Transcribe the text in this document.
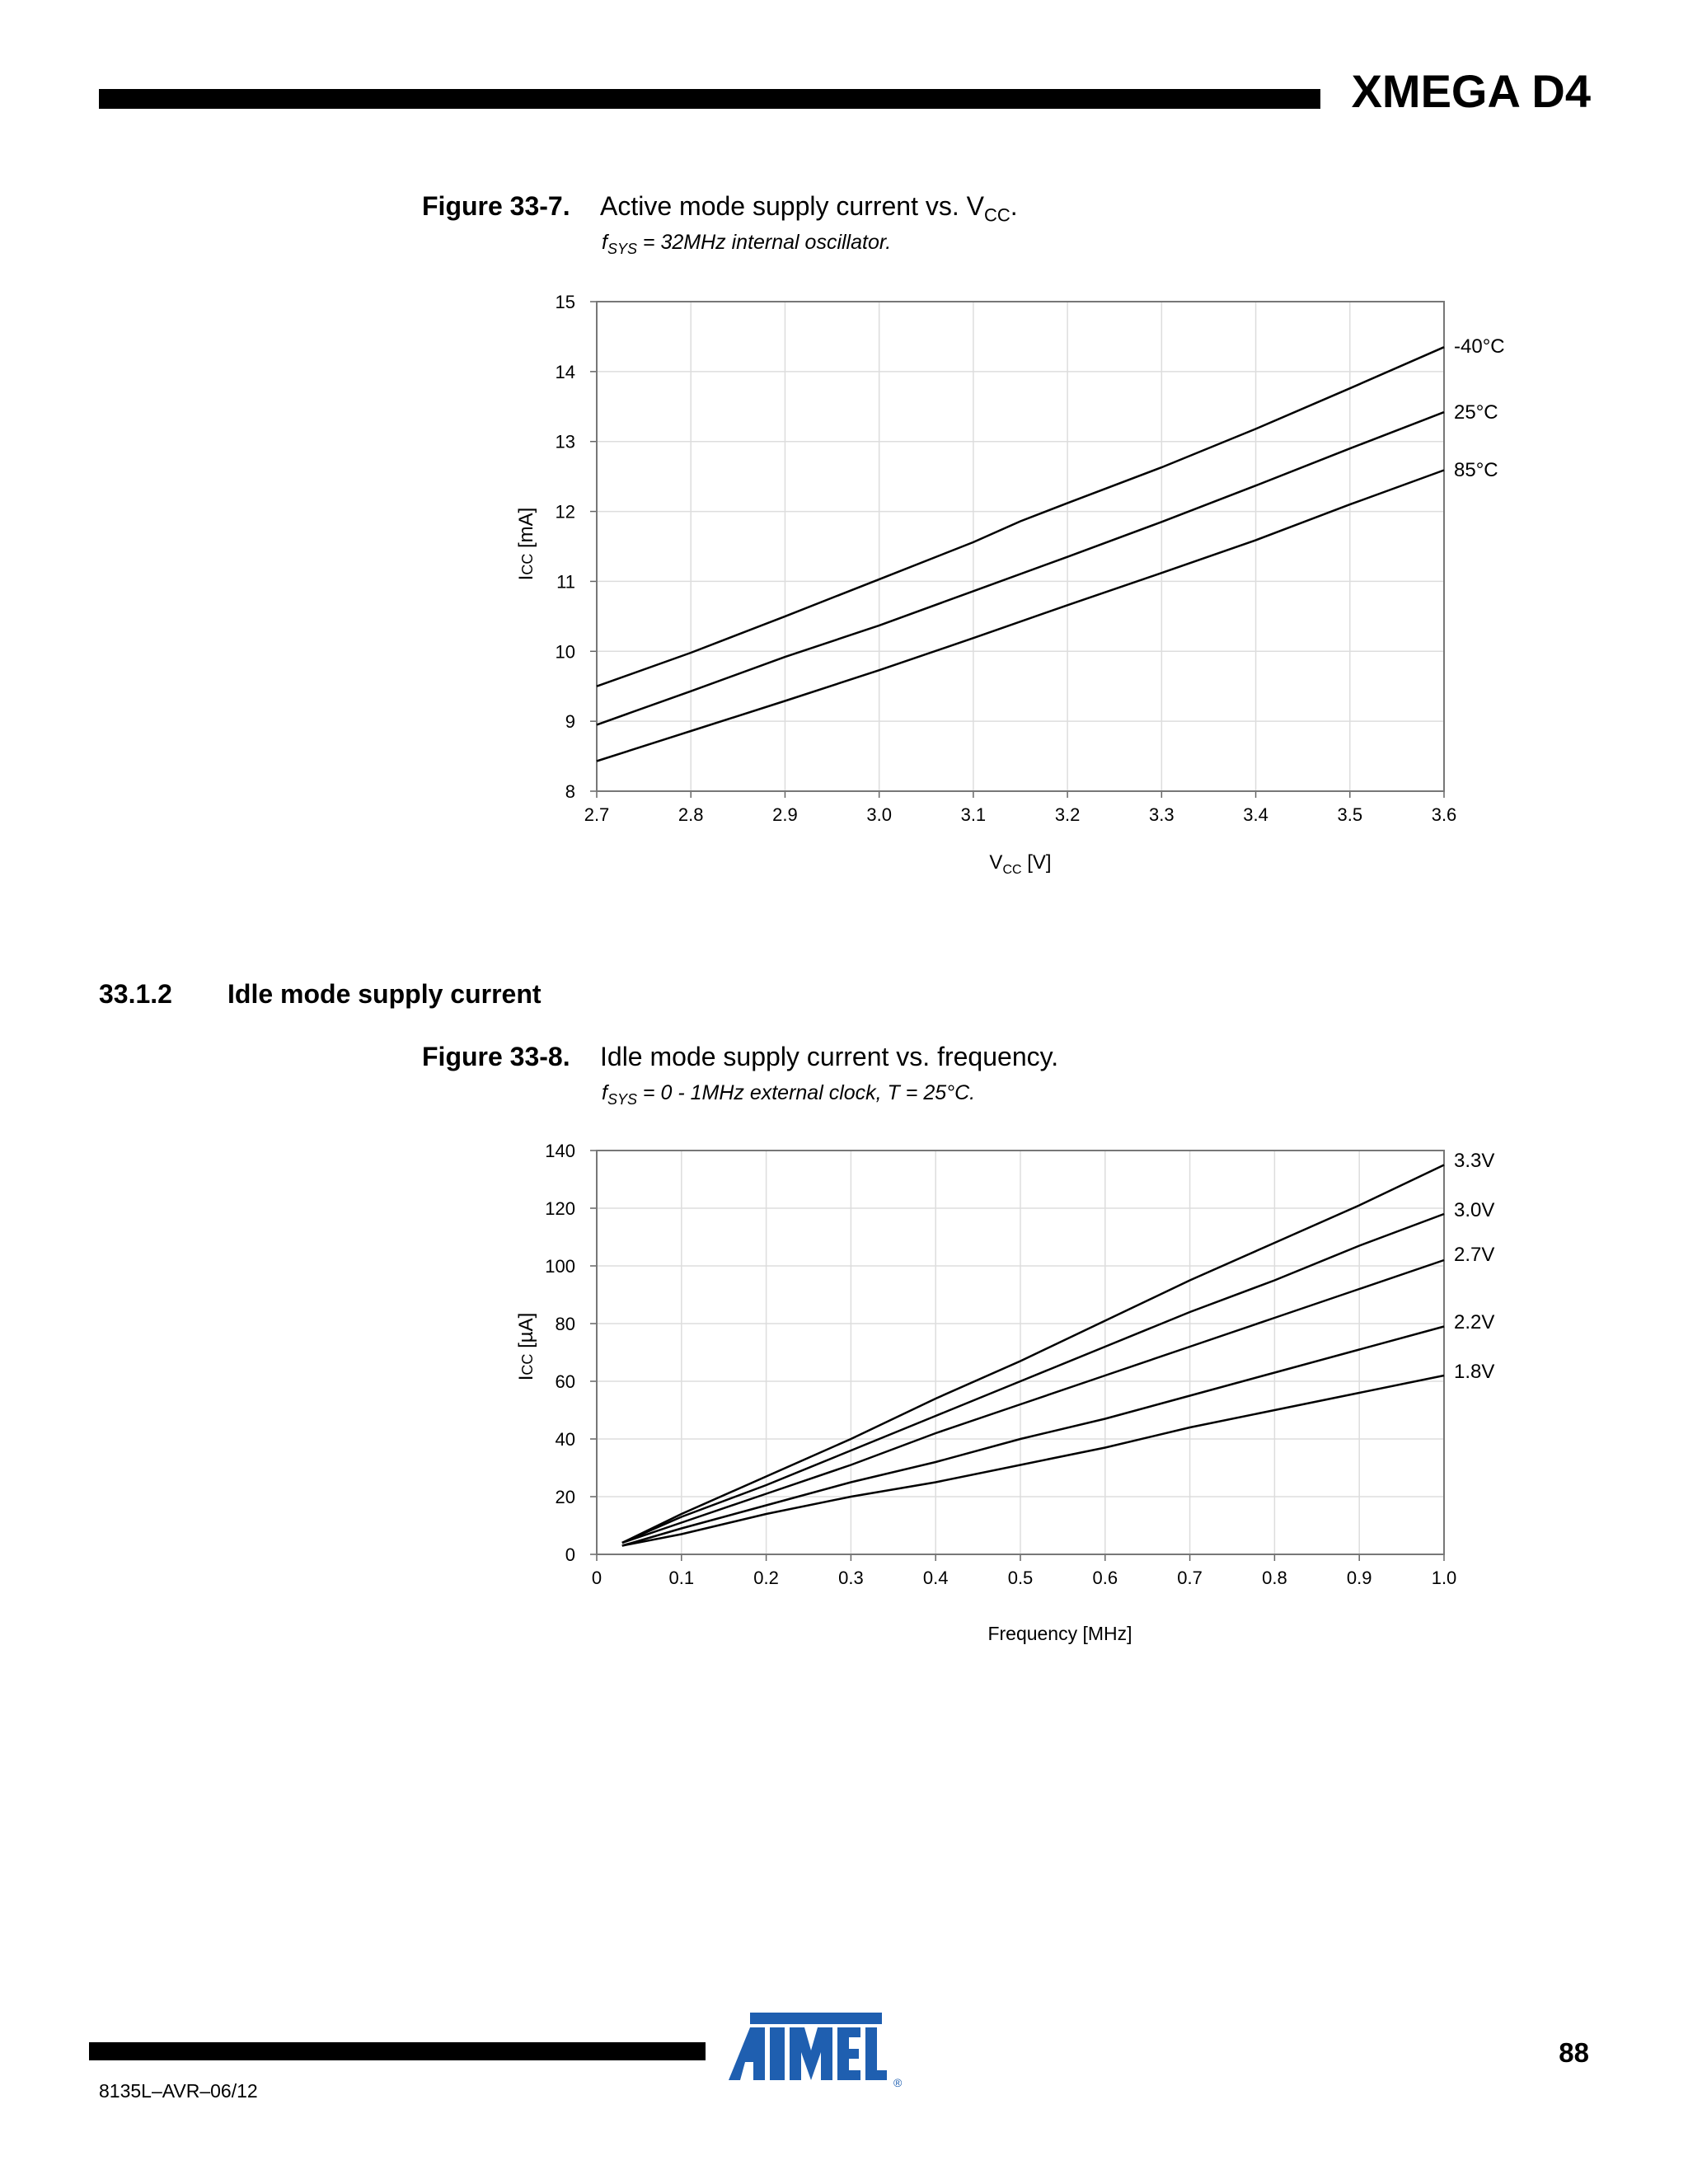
XMEGA D4
Figure 33-7. Active mode supply current vs. $V_{CC}$.
$f_{SYS} = 32MHz$ internal oscillator.
33.1.2 Idle mode supply current
Figure 33-8. Idle mode supply current vs. frequency.
$f_{SYS} = 0 - 1MHz$ external clock, T = 25°C.
2.7	2.8	2.9	3.0	3.1	3.2	3.3	3.4	3.5	3.6
8
9
10
11
12
13
14
15
-40°C
25°C
85°C
$V_{CC}$ [V]
ICC [mA]
0	0.1	0.2	0.3	0.4	0.5	0.6	0.7	0.8	0.9	1.0
0
20
40
60
80
100
120
140	3.3V
3.0V
2.7V
2.2V
1.8V
Frequency [MHz]
ICC [µA]
8135L–AVR–06/12
88
®
